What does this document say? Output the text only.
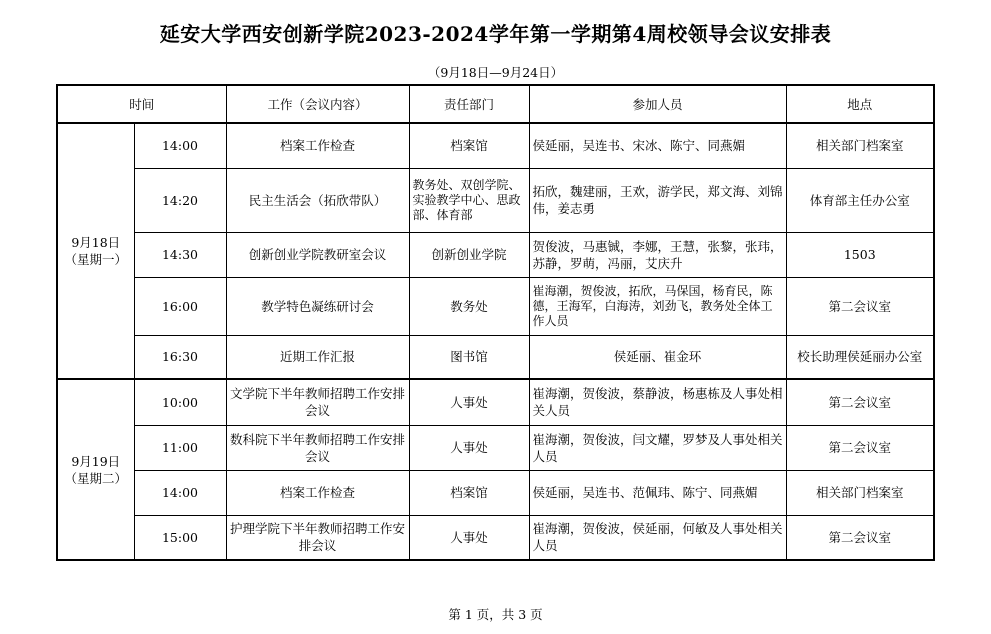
延安大学西安创新学院2023-2024学年第一学期第4周校领导会议安排表
（9月18日—9月24日）
时间		工作（会议内容）	责任部门	参加人员	地点
9月18日
（星期一）	14:00	档案工作检查	档案馆	侯延丽，吴连书、宋冰、陈宁、同燕媚	相关部门档案室
	14:20	民主生活会（拓欣带队）	教务处、双创学院、实验教学中心、思政部、体育部	拓欣，魏建丽，王欢，游学民，郑文海、刘锦伟，姜志勇	体育部主任办公室
	14:30	创新创业学院教研室会议	创新创业学院	贺俊波，马惠铖，李娜，王慧，张黎，张玮，苏静，罗萌，冯丽，艾庆升	1503
	16:00	教学特色凝练研讨会	教务处	崔海潮，贺俊波，拓欣，马保国，杨育民，陈德，王海军，白海涛，刘劲飞，教务处全体工作人员	第二会议室
	16:30	近期工作汇报	图书馆	侯延丽、崔金环	校长助理侯延丽办公室
9月19日
（星期二）	10:00	文学院下半年教师招聘工作安排会议	人事处	崔海潮，贺俊波，蔡静波，杨惠栋及人事处相关人员	第二会议室
	11:00	数科院下半年教师招聘工作安排会议	人事处	崔海潮，贺俊波，闫文耀，罗梦及人事处相关人员	第二会议室
	14:00	档案工作检查	档案馆	侯延丽，吴连书、范佩玮、陈宁、同燕媚	相关部门档案室
	15:00	护理学院下半年教师招聘工作安排会议	人事处	崔海潮，贺俊波，侯延丽，何敏及人事处相关人员	第二会议室
第 1 页，共 3 页
